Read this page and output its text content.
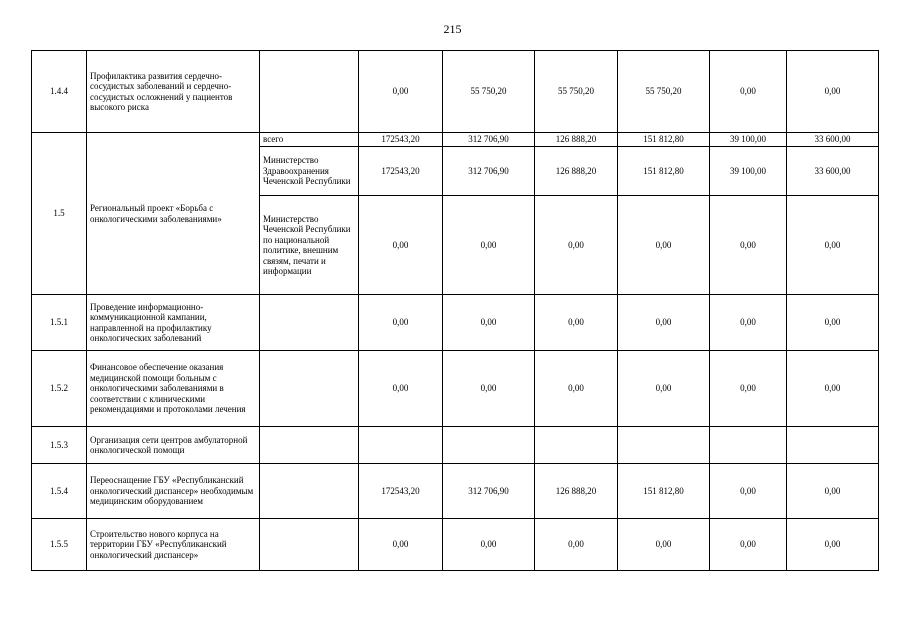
215
1.4.4	Профилактика развития сердечно-сосудистых заболеваний и сердечно-сосудистых осложнений у пациентов высокого риска		0,00	55 750,20	55 750,20	55 750,20	0,00	0,00
1.5	Региональный проект «Борьба с онкологическими заболеваниями»	всего	172543,20	312 706,90	126 888,20	151 812,80	39 100,00	33 600,00
		Министерство Здравоохранения Чеченской Республики	172543,20	312 706,90	126 888,20	151 812,80	39 100,00	33 600,00
		Министерство Чеченской Республики по национальной политике, внешним связям, печати и информации	0,00	0,00	0,00	0,00	0,00	0,00
1.5.1	Проведение информационно-коммуникационной кампании, направленной на профилактику онкологических заболеваний		0,00	0,00	0,00	0,00	0,00	0,00
1.5.2	Финансовое обеспечение оказания медицинской помощи больным с онкологическими заболеваниями в соответствии с клиническими рекомендациями и протоколами лечения		0,00	0,00	0,00	0,00	0,00	0,00
1.5.3	Организация сети центров амбулаторной онкологической помощи							
1.5.4	Переоснащение ГБУ «Республиканский онкологический диспансер» необходимым медицинским оборудованием		172543,20	312 706,90	126 888,20	151 812,80	0,00	0,00
1.5.5	Строительство нового корпуса на территории ГБУ «Республиканский онкологический диспансер»		0,00	0,00	0,00	0,00	0,00	0,00
